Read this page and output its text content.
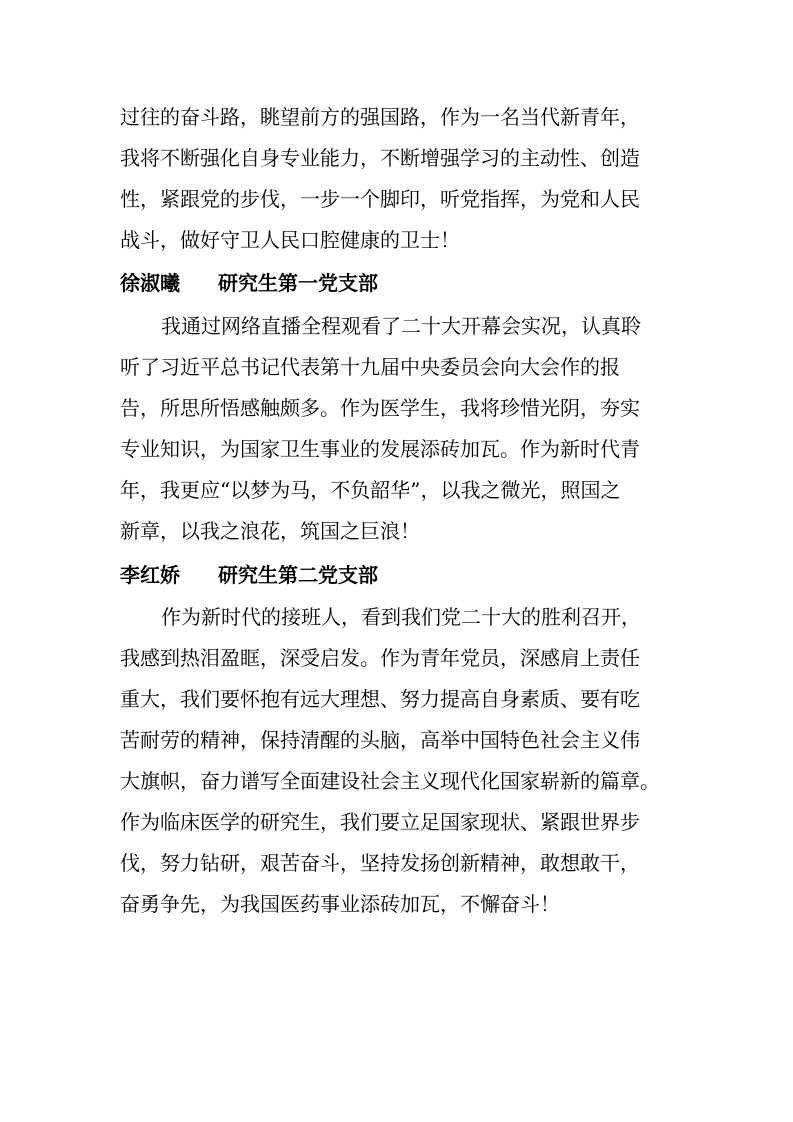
过往的奋斗路，眺望前方的强国路，作为一名当代新青年，
我将不断强化自身专业能力，不断增强学习的主动性、创造
性，紧跟党的步伐，一步一个脚印，听党指挥，为党和人民
战斗，做好守卫人民口腔健康的卫士！
徐淑曦 研究生第一党支部
我通过网络直播全程观看了二十大开幕会实况，认真聆
听了习近平总书记代表第十九届中央委员会向大会作的报
告，所思所悟感触颇多。作为医学生，我将珍惜光阴，夯实
专业知识，为国家卫生事业的发展添砖加瓦。作为新时代青
年，我更应“以梦为马，不负韶华”，以我之微光，照国之
新章，以我之浪花，筑国之巨浪！
李红娇 研究生第二党支部
作为新时代的接班人，看到我们党二十大的胜利召开，
我感到热泪盈眶，深受启发。作为青年党员，深感肩上责任
重大，我们要怀抱有远大理想、努力提高自身素质、要有吃
苦耐劳的精神，保持清醒的头脑，高举中国特色社会主义伟
大旗帜，奋力谱写全面建设社会主义现代化国家崭新的篇章。
作为临床医学的研究生，我们要立足国家现状、紧跟世界步
伐，努力钻研，艰苦奋斗，坚持发扬创新精神，敢想敢干，
奋勇争先，为我国医药事业添砖加瓦，不懈奋斗！
